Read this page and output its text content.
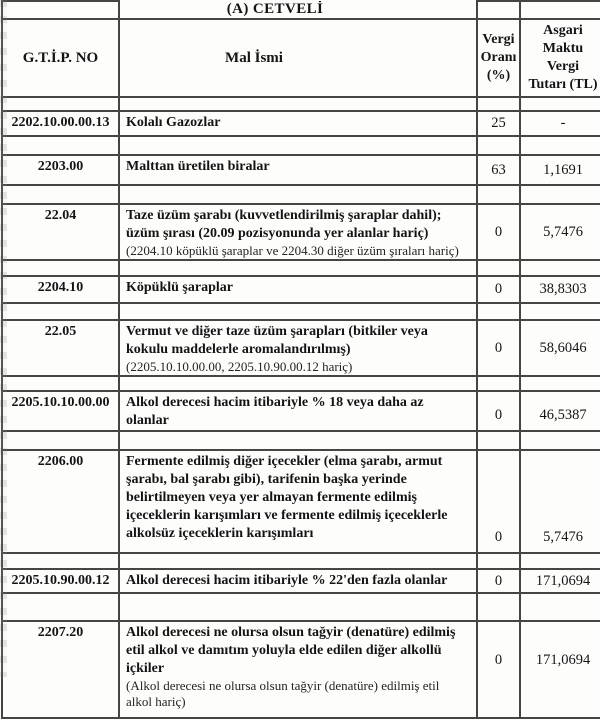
	(A) CETVELİ		
G.T.İ.P. NO	Mal İsmi	
Vergi
Oranı
(%)

Asgari
Maktu
Vergi
Tutarı (TL)

2202.10.00.00.13	Kolalı Gazozlar	25	-

2203.00	Malttan üretilen biralar	63	1,1691

22.04	Taze üzüm şarabı (kuvvetlendirilmiş şaraplar dahil);
üzüm şırası (20.09 pozisyonunda yer alanlar hariç)
(2204.10 köpüklü şaraplar ve 2204.30 diğer üzüm şıraları hariç)	0	5,7476

2204.10	Köpüklü şaraplar	0	38,8303

22.05	Vermut ve diğer taze üzüm şarapları (bitkiler veya
kokulu maddelerle aromalandırılmış)
(2205.10.10.00.00, 2205.10.90.00.12 hariç)	0	58,6046

2205.10.10.00.00	Alkol derecesi hacim itibariyle % 18 veya daha az
olanlar	0	46,5387

2206.00	Fermente edilmiş diğer içecekler (elma şarabı, armut
şarabı, bal şarabı gibi), tarifenin başka yerinde
belirtilmeyen veya yer almayan fermente edilmiş
içeceklerin karışımları ve fermente edilmiş içeceklerle
alkolsüz içeceklerin karışımları	0	5,7476

2205.10.90.00.12	Alkol derecesi hacim itibariyle % 22'den fazla olanlar	0	171,0694

2207.20	Alkol derecesi ne olursa olsun tağyir (denatüre) edilmiş
etil alkol ve damıtım yoluyla elde edilen diğer alkollü
içkiler
(Alkol derecesi ne olursa olsun tağyir (denatüre) edilmiş etil
alkol hariç)	0	171,0694
